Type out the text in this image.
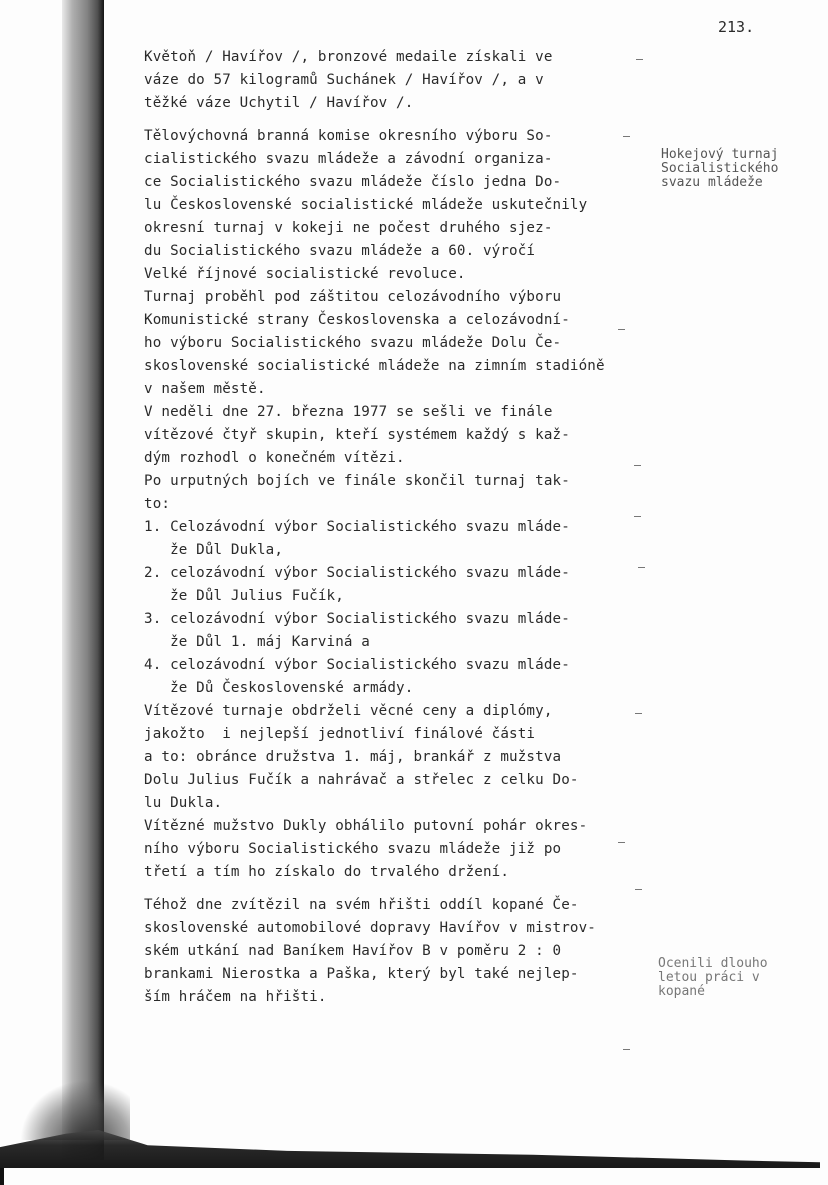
213.
Květoň / Havířov /, bronzové medaile získali ve
váze do 57 kilogramů Suchánek / Havířov /, a v
těžké váze Uchytil / Havířov /.
Tělovýchovná branná komise okresního výboru So-
cialistického svazu mládeže a závodní organiza-
ce Socialistického svazu mládeže číslo jedna Do-
lu Československé socialistické mládeže uskutečnily
okresní turnaj v kokeji ne počest druhého sjez-
du Socialistického svazu mládeže a 60. výročí
Velké říjnové socialistické revoluce.
Turnaj proběhl pod záštitou celozávodního výboru
Komunistické strany Československa a celozávodní-
ho výboru Socialistického svazu mládeže Dolu Če-
skoslovenské socialistické mládeže na zimním stadióně
v našem městě.
V neděli dne 27. března 1977 se sešli ve finále
vítězové čtyř skupin, kteří systémem každý s kaž-
dým rozhodl o konečném vítězi.
Po urputných bojích ve finále skončil turnaj tak-
to:
1. Celozávodní výbor Socialistického svazu mláde-
že Důl Dukla,
2. celozávodní výbor Socialistického svazu mláde-
že Důl Julius Fučík,
3. celozávodní výbor Socialistického svazu mláde-
že Důl 1. máj Karviná a
4. celozávodní výbor Socialistického svazu mláde-
že Dů Československé armády.
Vítězové turnaje obdrželi věcné ceny a diplómy,
jakožto  i nejlepší jednotliví finálové části
a to: obránce družstva 1. máj, brankář z mužstva
Dolu Julius Fučík a nahrávač a střelec z celku Do-
lu Dukla.
Vítězné mužstvo Dukly obhálilo putovní pohár okres-
ního výboru Socialistického svazu mládeže již po
třetí a tím ho získalo do trvalého držení.
Téhož dne zvítězil na svém hřišti oddíl kopané Če-
skoslovenské automobilové dopravy Havířov v mistrov-
ském utkání nad Baníkem Havířov B v poměru 2 : 0
brankami Nierostka a Paška, který byl také nejlep-
ším hráčem na hřišti.
Hokejový turnaj
Socialistického
svazu mládeže
Ocenili dlouho
letou práci v
kopané
